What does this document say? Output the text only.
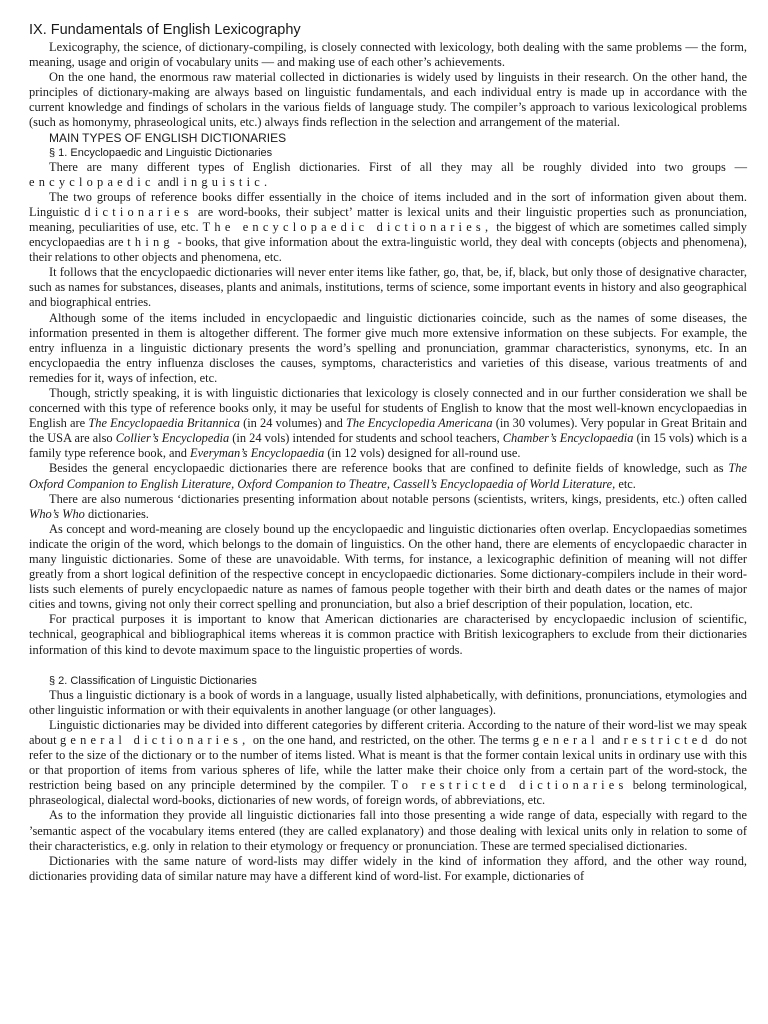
IX. Fundamentals of English Lexicography

Lexicography, the science, of dictionary-compiling, is closely connected with lexicology, both dealing with the same problems — the form, meaning, usage and origin of vocabulary units — and making use of each other’s achievements.

On the one hand, the enormous raw material collected in dictionaries is widely used by linguists in their research. On the other hand, the principles of dictionary-making are always based on linguistic fundamentals, and each individual entry is made up in accordance with the current knowledge and findings of scholars in the various fields of language study. The compiler’s approach to various lexicological problems (such as homonymy, phraseological units, etc.) always finds reflection in the selection and arrangement of the material.

MAIN TYPES OF ENGLISH DICTIONARIES
§ 1. Encyclopaedic and Linguistic Dictionaries

There are many different types of English dictionaries. First of all they may all be roughly divided into two groups — encyclopaedic andlinguistic.

The two groups of reference books differ essentially in the choice of items included and in the sort of information given about them. Linguistic dictionaries are word-books, their subject’ matter is lexical units and their linguistic properties such as pronunciation, meaning, peculiarities of use, etc. The encyclopaedic dictionaries, the biggest of which are sometimes called simply encyclopaedias are thing - books, that give information about the extra-linguistic world, they deal with concepts (objects and phenomena), their relations to other objects and phenomena, etc.

It follows that the encyclopaedic dictionaries will never enter items like father, go, that, be, if, black, but only those of designative character, such as names for substances, diseases, plants and animals, institutions, terms of science, some important events in history and also geographical and biographical entries.

Although some of the items included in encyclopaedic and linguistic dictionaries coincide, such as the names of some diseases, the information presented in them is altogether different. The former give much more extensive information on these subjects. For example, the entry influenza in a linguistic dictionary presents the word’s spelling and pronunciation, grammar characteristics, synonyms, etc. In an encyclopaedia the entry influenza discloses the causes, symptoms, characteristics and varieties of this disease, various treatments of and remedies for it, ways of infection, etc.

Though, strictly speaking, it is with linguistic dictionaries that lexicology is closely connected and in our further consideration we shall be concerned with this type of reference books only, it may be useful for students of English to know that the most well-known encyclopaedias in English are The Encyclopaedia Britannica (in 24 volumes) and The Encyclopedia Americana (in 30 volumes). Very popular in Great Britain and the USA are also Collier’s Encyclopedia (in 24 vols) intended for students and school teachers, Chamber’s Encyclopaedia (in 15 vols) which is a family type reference book, and Everyman’s Encyclopaedia (in 12 vols) designed for all-round use.

Besides the general encyclopaedic dictionaries there are reference books that are confined to definite fields of knowledge, such as The Oxford Companion to English Literature, Oxford Companion to Theatre, Cassell’s Encyclopaedia of World Literature, etc.

There are also numerous ‘dictionaries presenting information about notable persons (scientists, writers, kings, presidents, etc.) often called Who’s Who dictionaries.

As concept and word-meaning are closely bound up the encyclopaedic and linguistic dictionaries often overlap. Encyclopaedias sometimes indicate the origin of the word, which belongs to the domain of linguistics. On the other hand, there are elements of encyclopaedic character in many linguistic dictionaries. Some of these are unavoidable. With terms, for instance, a lexicographic definition of meaning will not differ greatly from a short logical definition of the respective concept in encyclopaedic dictionaries. Some dictionary-compilers include in their word-lists such elements of purely encyclopaedic nature as names of famous people together with their birth and death dates or the names of major cities and towns, giving not only their correct spelling and pronunciation, but also a brief description of their population, location, etc.

For practical purposes it is important to know that American dictionaries are characterised by encyclopaedic inclusion of scientific, technical, geographical and bibliographical items whereas it is common practice with British lexicographers to exclude from their dictionaries information of this kind to devote maximum space to the linguistic properties of words.

§ 2. Classification of Linguistic Dictionaries

Thus a linguistic dictionary is a book of words in a language, usually listed alphabetically, with definitions, pronunciations, etymologies and other linguistic information or with their equivalents in another language (or other languages).

Linguistic dictionaries may be divided into different categories by different criteria. According to the nature of their word-list we may speak about general dictionaries, on the one hand, and restricted, on the other. The terms general and restricted do not refer to the size of the dictionary or to the number of items listed. What is meant is that the former contain lexical units in ordinary use with this or that proportion of items from various spheres of life, while the latter make their choice only from a certain part of the word-stock, the restriction being based on any principle determined by the compiler. To restricted dictionaries belong terminological, phraseological, dialectal word-books, dictionaries of new words, of foreign words, of abbreviations, etc.

As to the information they provide all linguistic dictionaries fall into those presenting a wide range of data, especially with regard to the ’semantic aspect of the vocabulary items entered (they are called explanatory) and those dealing with lexical units only in relation to some of their characteristics, e.g. only in relation to their etymology or frequency or pronunciation. These are termed specialised dictionaries.

Dictionaries with the same nature of word-lists may differ widely in the kind of information they afford, and the other way round, dictionaries providing data of similar nature may have a different kind of word-list. For example, dictionaries of
